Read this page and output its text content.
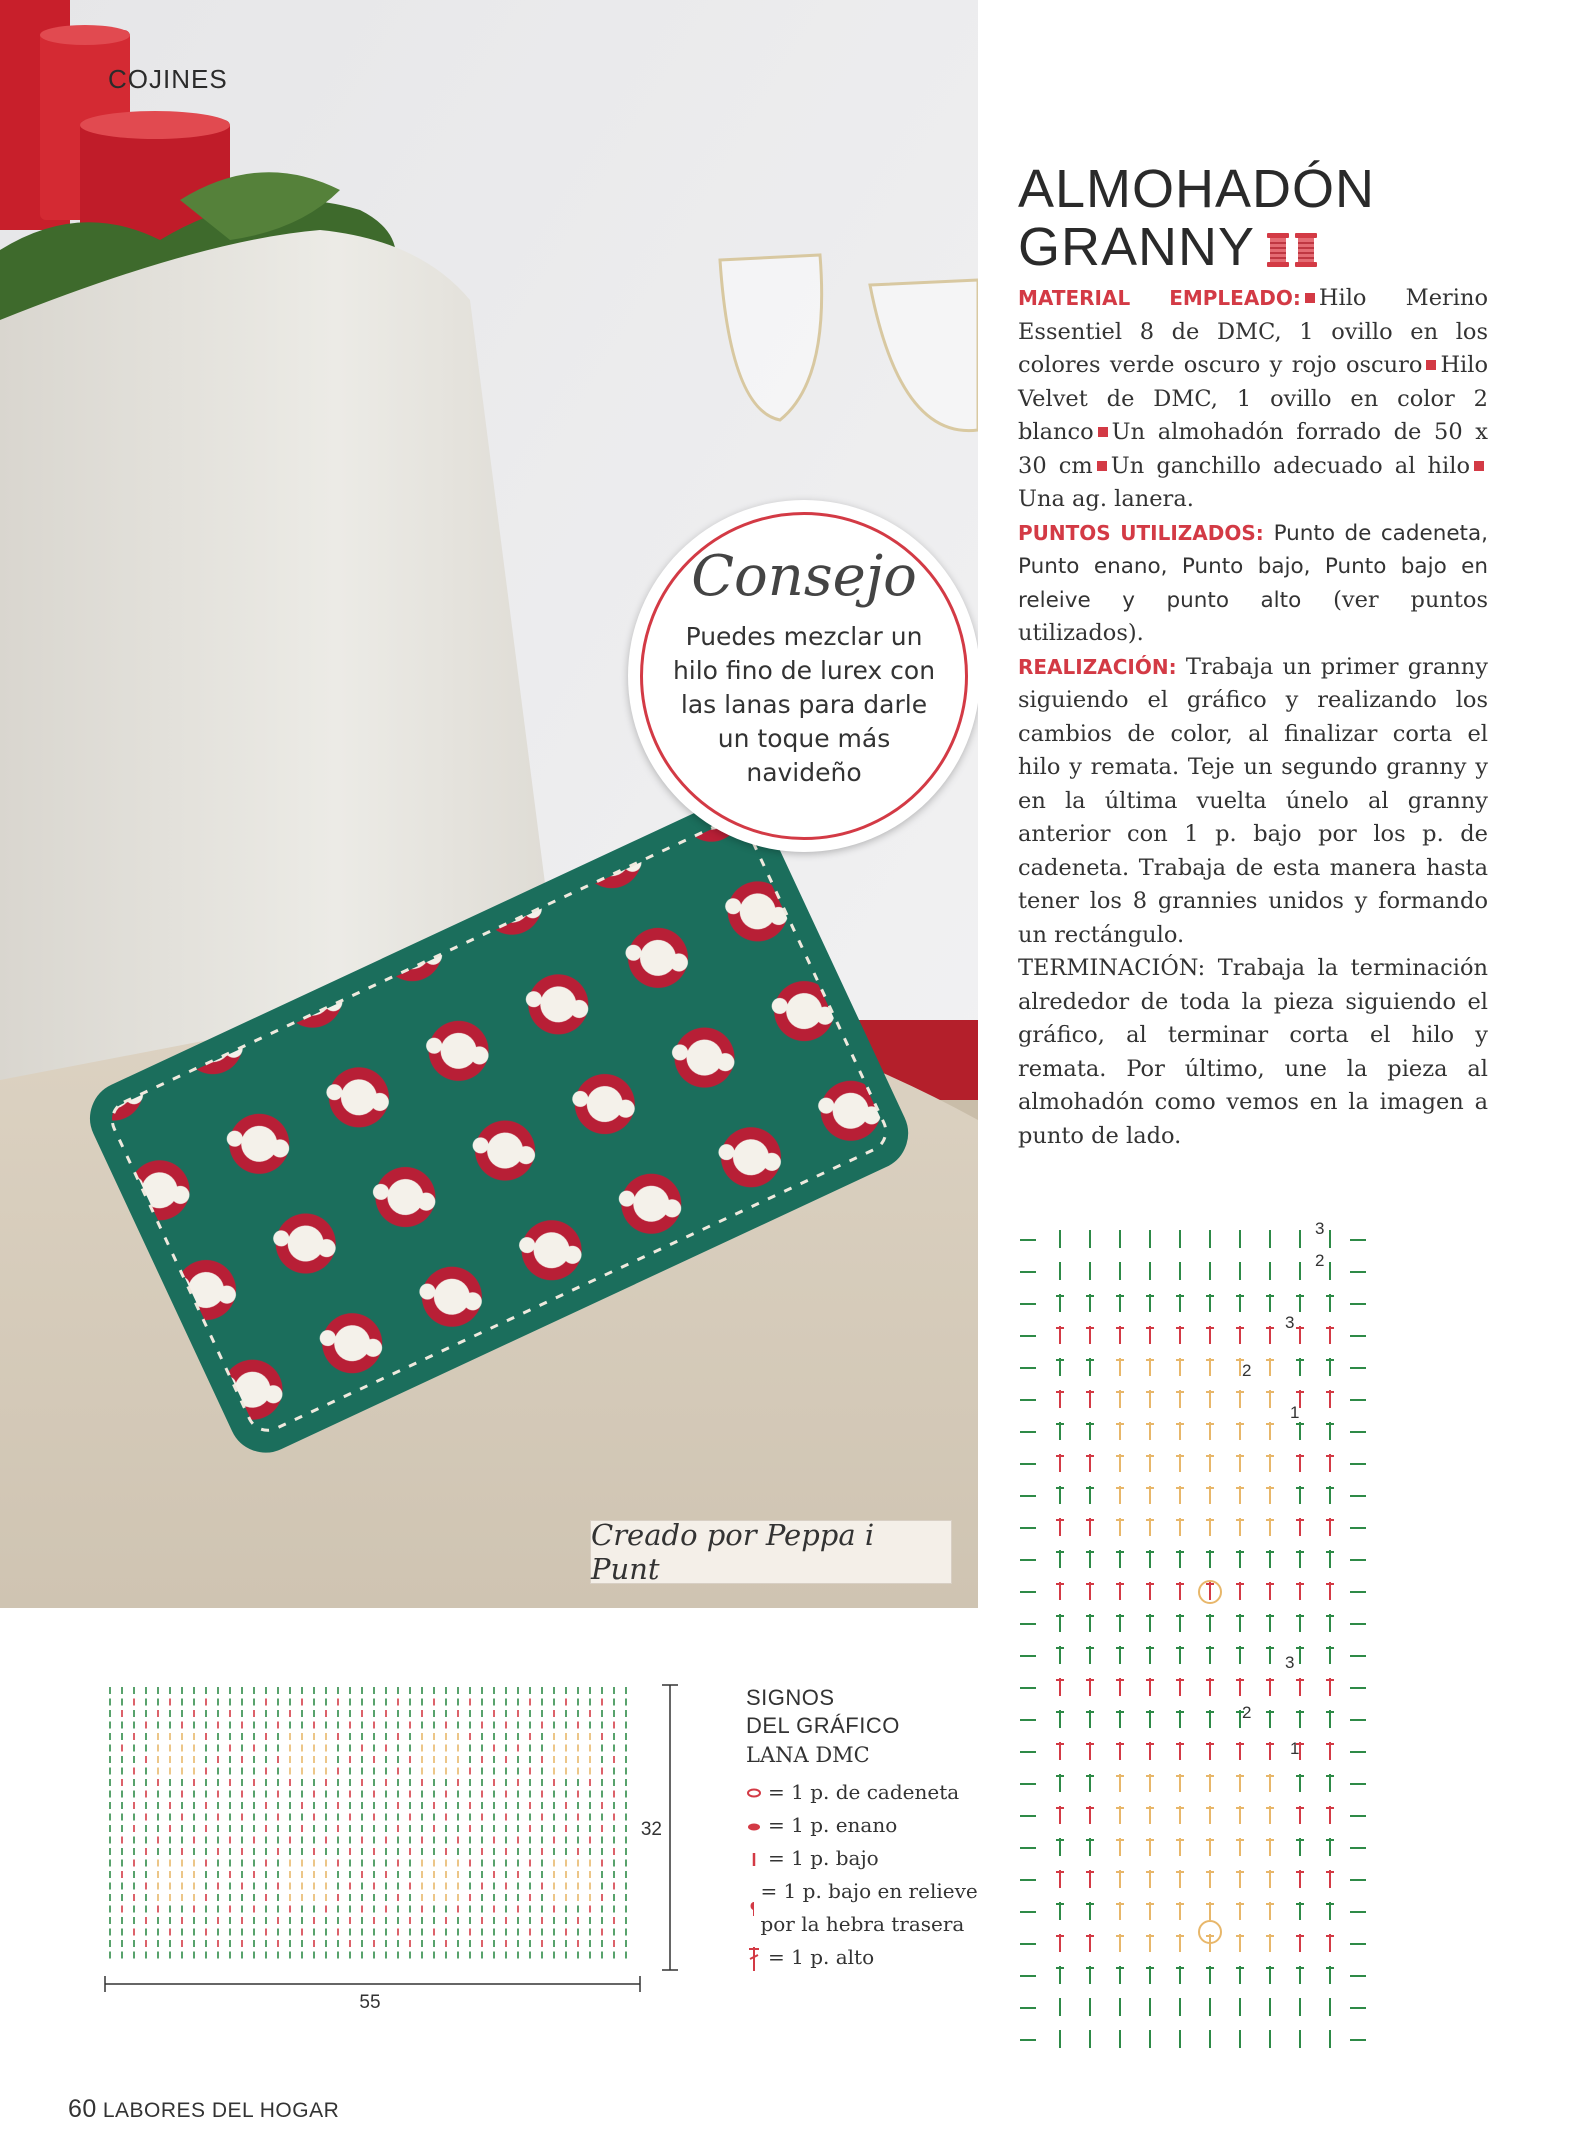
COJINES
Consejo
Puedes mezclar un hilo fino de lurex con las lanas para darle un toque más navideño
Creado por Peppa i Punt
ALMOHADÓN
GRANNY

MATERIAL EMPLEADO: Hilo Merino Essentiel 8 de DMC, 1 ovillo en los colores verde oscuro y rojo oscuro Hilo Velvet de DMC, 1 ovillo en color 2 blanco Un almohadón forrado de 50 x 30 cm Un ganchillo adecuado al hiloUna ag. lanera.

PUNTOS UTILIZADOS: Punto de cadeneta, Punto enano, Punto bajo, Punto bajo en releive y punto alto (ver puntos utilizados).

REALIZACIÓN: Trabaja un primer granny siguiendo el gráfico y realizando los cambios de color, al finalizar corta el hilo y remata. Teje un segundo granny y en la última vuelta únelo al granny anterior con 1 p. bajo por los p. de cadeneta. Trabaja de esta manera hasta tener los 8 grannies unidos y formando un rectángulo.

TERMINACIÓN: Trabaja la terminación alrededor de toda la pieza siguiendo el gráfico, al terminar corta el hilo y remata. Por último, une la pieza al almohadón como vemos en la imagen a punto de lado.

32
55
SIGNOS
DEL GRÁFICO
LANA DMC
= 1 p. de cadeneta
= 1 p. enano
= 1 p. bajo
= 1 p. bajo en relieve por la hebra trasera
= 1 p. alto
3
2
3
2
1
3
2
1
60 LABORES DEL HOGAR
